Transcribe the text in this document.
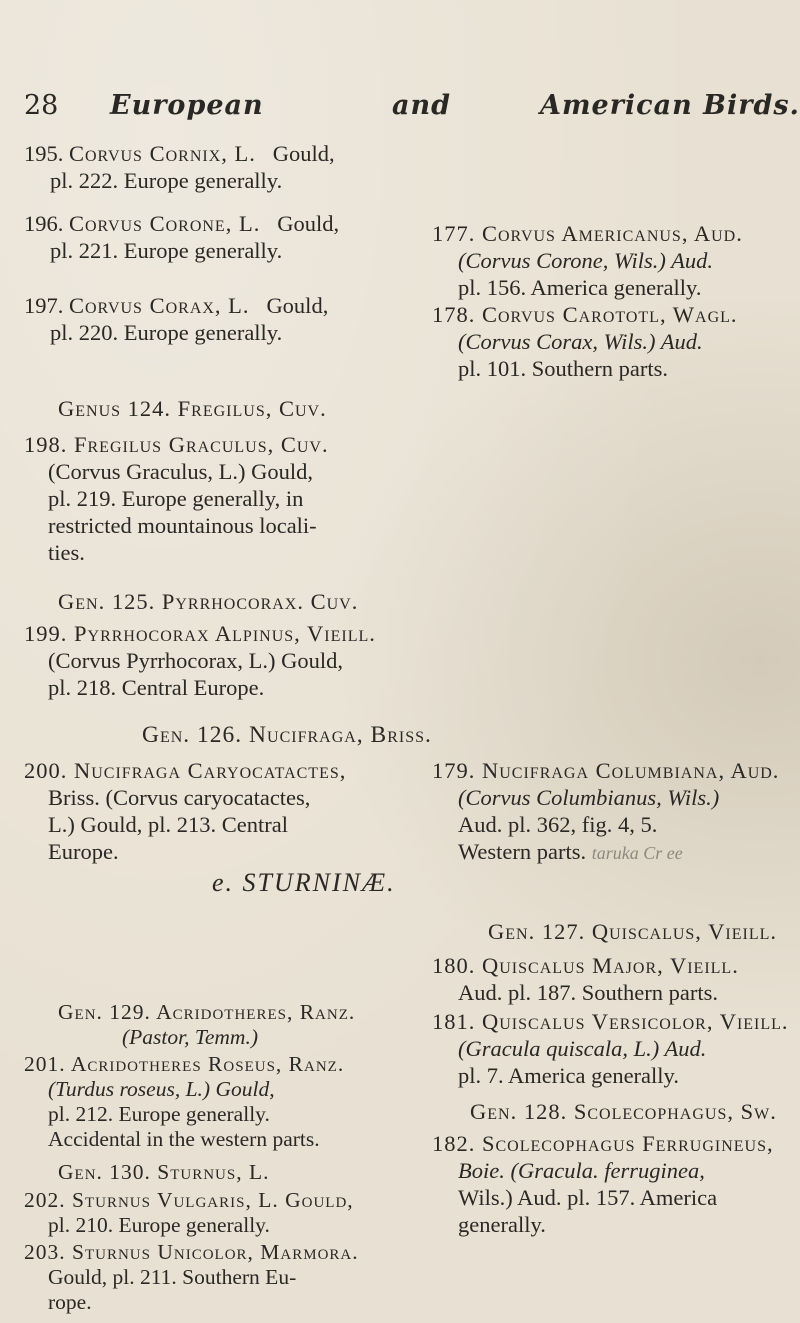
28 European	and	American Birds.

195. Corvus Cornix, L. Gould,

pl. 222. Europe generally.

196. Corvus Corone, L. Gould,

pl. 221. Europe generally.

197. Corvus Corax, L. Gould,

pl. 220. Europe generally.

177. Corvus Americanus, Aud.

(Corvus Corone, Wils.) Aud.

pl. 156. America generally.

178. Corvus Carototl, Wagl.

(Corvus Corax, Wils.) Aud.

pl. 101. Southern parts.

Genus 124. Fregilus, Cuv.

198. Fregilus Graculus, Cuv.

(Corvus Graculus, L.) Gould,

pl. 219. Europe generally, in

restricted mountainous locali-

ties.

Gen. 125. Pyrrhocorax. Cuv.

199. Pyrrhocorax Alpinus, Vieill.

(Corvus Pyrrhocorax, L.) Gould,

pl. 218. Central Europe.

Gen. 126. Nucifraga, Briss.

200. Nucifraga Caryocatactes,

Briss. (Corvus caryocatactes,

L.) Gould, pl. 213. Central

Europe.

179. Nucifraga Columbiana, Aud.

(Corvus Columbianus, Wils.)

Aud. pl. 362, fig. 4, 5.

Western parts. taruka Cr ee

e. STURNINÆ.
Gen. 127. Quiscalus, Vieill.

180. Quiscalus Major, Vieill.

Aud. pl. 187. Southern parts.

181. Quiscalus Versicolor, Vieill.

(Gracula quiscala, L.) Aud.

pl. 7. America generally.

Gen. 128. Scolecophagus, Sw.

182. Scolecophagus Ferrugineus,

Boie. (Gracula. ferruginea,

Wils.) Aud. pl. 157. America

generally.

Gen. 129. Acridotheres, Ranz.

(Pastor, Temm.)

201. Acridotheres Roseus, Ranz.

(Turdus roseus, L.) Gould,

pl. 212. Europe generally.

Accidental in the western parts.

Gen. 130. Sturnus, L.

202. Sturnus Vulgaris, L. Gould,

pl. 210. Europe generally.

203. Sturnus Unicolor, Marmora.

Gould, pl. 211. Southern Eu-

rope.
